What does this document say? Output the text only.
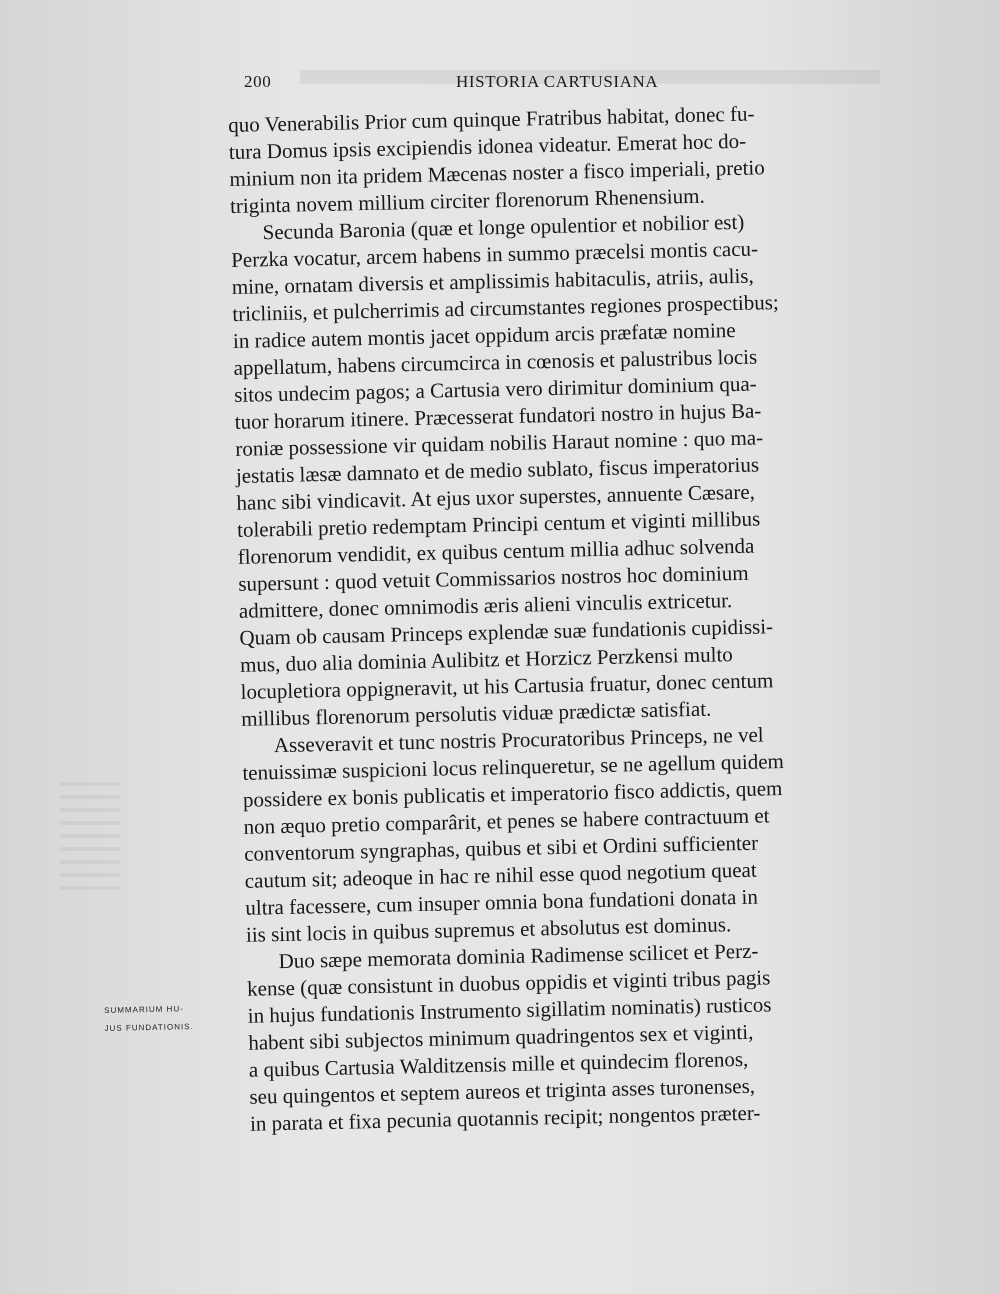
200	HISTORIA CARTUSIANA
quo Venerabilis Prior cum quinque Fratribus habitat, donec fu-
tura Domus ipsis excipiendis idonea videatur. Emerat hoc do-
minium non ita pridem Mæcenas noster a fisco imperiali, pretio
triginta novem millium circiter florenorum Rhenensium.
Secunda Baronia (quæ et longe opulentior et nobilior est)
Perzka vocatur, arcem habens in summo præcelsi montis cacu-
mine, ornatam diversis et amplissimis habitaculis, atriis, aulis,
tricliniis, et pulcherrimis ad circumstantes regiones prospectibus;
in radice autem montis jacet oppidum arcis præfatæ nomine
appellatum, habens circumcirca in cœnosis et palustribus locis
sitos undecim pagos; a Cartusia vero dirimitur dominium qua-
tuor horarum itinere. Præcesserat fundatori nostro in hujus Ba-
roniæ possessione vir quidam nobilis Haraut nomine : quo ma-
jestatis læsæ damnato et de medio sublato, fiscus imperatorius
hanc sibi vindicavit. At ejus uxor superstes, annuente Cæsare,
tolerabili pretio redemptam Principi centum et viginti millibus
florenorum vendidit, ex quibus centum millia adhuc solvenda
supersunt : quod vetuit Commissarios nostros hoc dominium
admittere, donec omnimodis æris alieni vinculis extricetur.
Quam ob causam Princeps explendæ suæ fundationis cupidissi-
mus, duo alia dominia Aulibitz et Horzicz Perzkensi multo
locupletiora oppigneravit, ut his Cartusia fruatur, donec centum
millibus florenorum persolutis viduæ prædictæ satisfiat.
Asseveravit et tunc nostris Procuratoribus Princeps, ne vel
tenuissimæ suspicioni locus relinqueretur, se ne agellum quidem
possidere ex bonis publicatis et imperatorio fisco addictis, quem
non æquo pretio comparârit, et penes se habere contractuum et
conventorum syngraphas, quibus et sibi et Ordini sufficienter
cautum sit; adeoque in hac re nihil esse quod negotium queat
ultra facessere, cum insuper omnia bona fundationi donata in
iis sint locis in quibus supremus et absolutus est dominus.
Duo sæpe memorata dominia Radimense scilicet et Perz-
kense (quæ consistunt in duobus oppidis et viginti tribus pagis
in hujus fundationis Instrumento sigillatim nominatis) rusticos
habent sibi subjectos minimum quadringentos sex et viginti,
a quibus Cartusia Walditzensis mille et quindecim florenos,
seu quingentos et septem aureos et triginta asses turonenses,
in parata et fixa pecunia quotannis recipit; nongentos præter-
SUMMARIUM HU-
JUS FUNDATIONIS.
